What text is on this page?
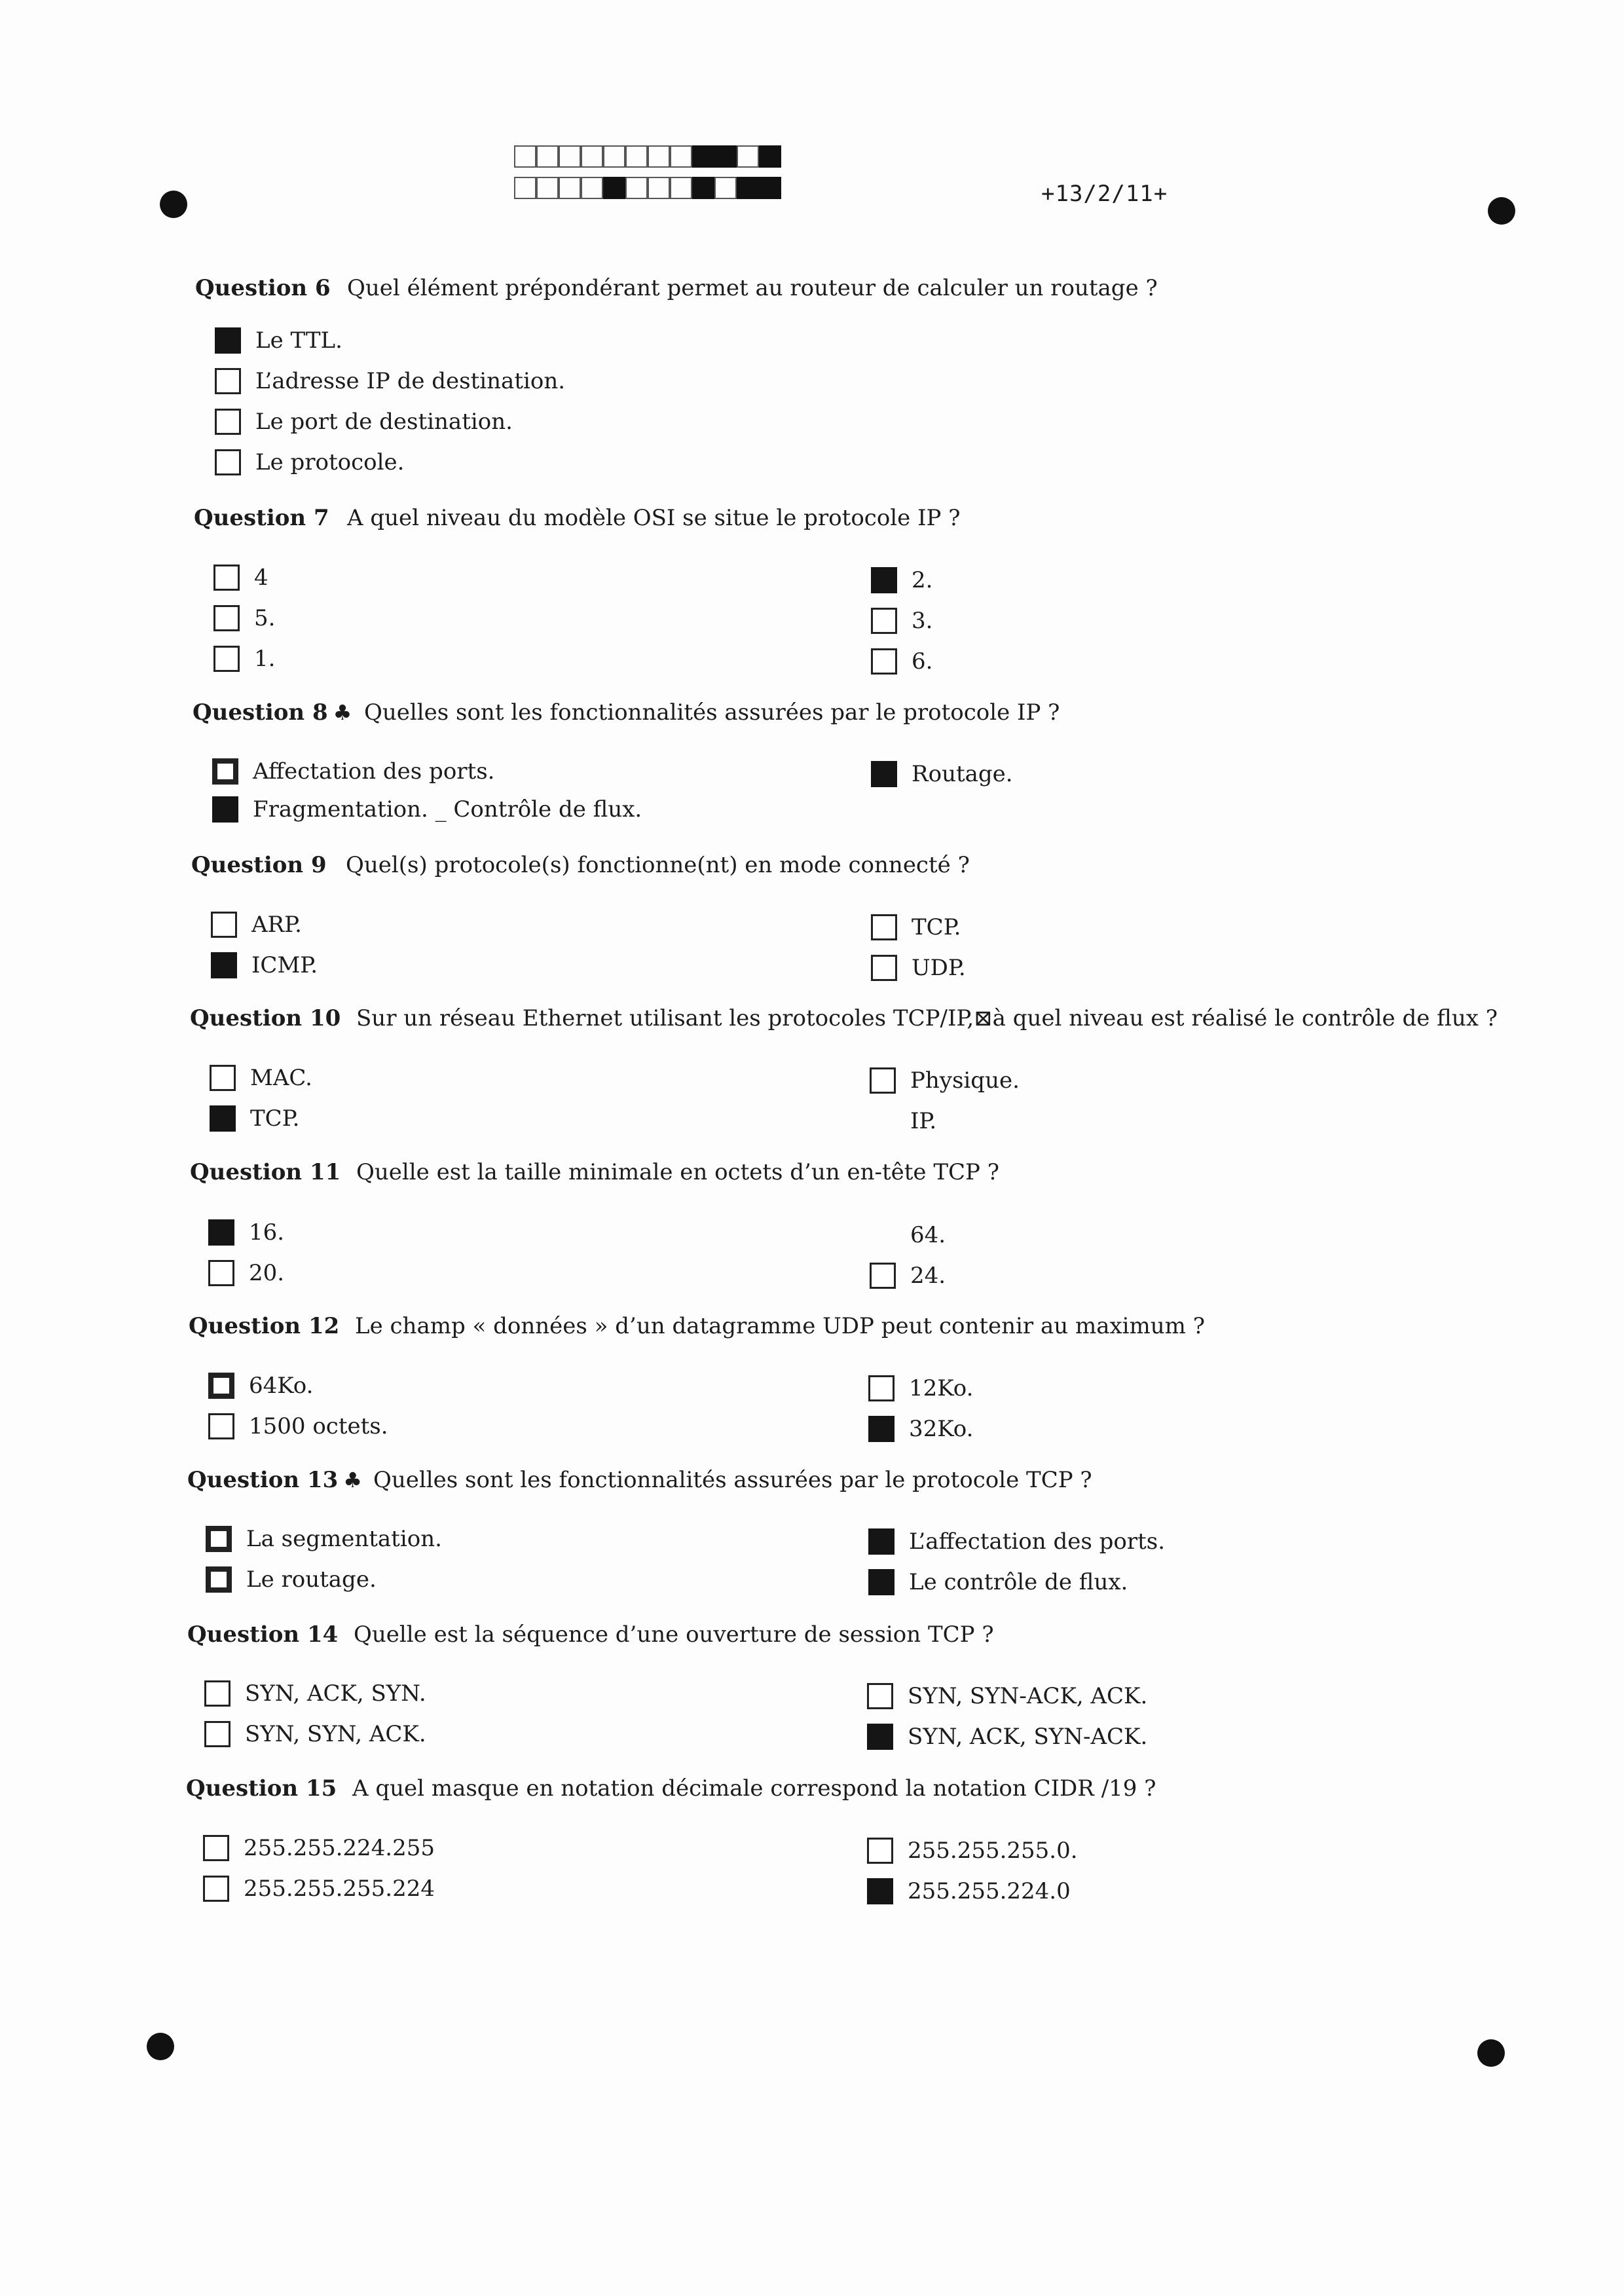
+13/2/11+
Question 6 Quel élément prépondérant permet au routeur de calculer un routage ?
Le TTL.
L’adresse IP de destination.
Le port de destination.
Le protocole.
Question 7 A quel niveau du modèle OSI se situe le protocole IP ?
4
5.
1.
2.
3.
6.
Question 8 ♣ Quelles sont les fonctionnalités assurées par le protocole IP ?
Affectation des ports.
Fragmentation. _ Contrôle de flux.
Routage.
Question 9 Quel(s) protocole(s) fonctionne(nt) en mode connecté ?
ARP.
ICMP.
TCP.
UDP.
Question 10 Sur un réseau Ethernet utilisant les protocoles TCP/IP,⊠à quel niveau est réalisé le contrôle de flux ?
MAC.
TCP.
Physique.
IP.
Question 11 Quelle est la taille minimale en octets d’un en-tête TCP ?
16.
20.
64.
24.
Question 12 Le champ « données » d’un datagramme UDP peut contenir au maximum ?
64Ko.
1500 octets.
12Ko.
32Ko.
Question 13 ♣ Quelles sont les fonctionnalités assurées par le protocole TCP ?
La segmentation.
Le routage.
L’affectation des ports.
Le contrôle de flux.
Question 14 Quelle est la séquence d’une ouverture de session TCP ?
SYN, ACK, SYN.
SYN, SYN, ACK.
SYN, SYN-ACK, ACK.
SYN, ACK, SYN-ACK.
Question 15 A quel masque en notation décimale correspond la notation CIDR /19 ?
255.255.224.255
255.255.255.224
255.255.255.0.
255.255.224.0
